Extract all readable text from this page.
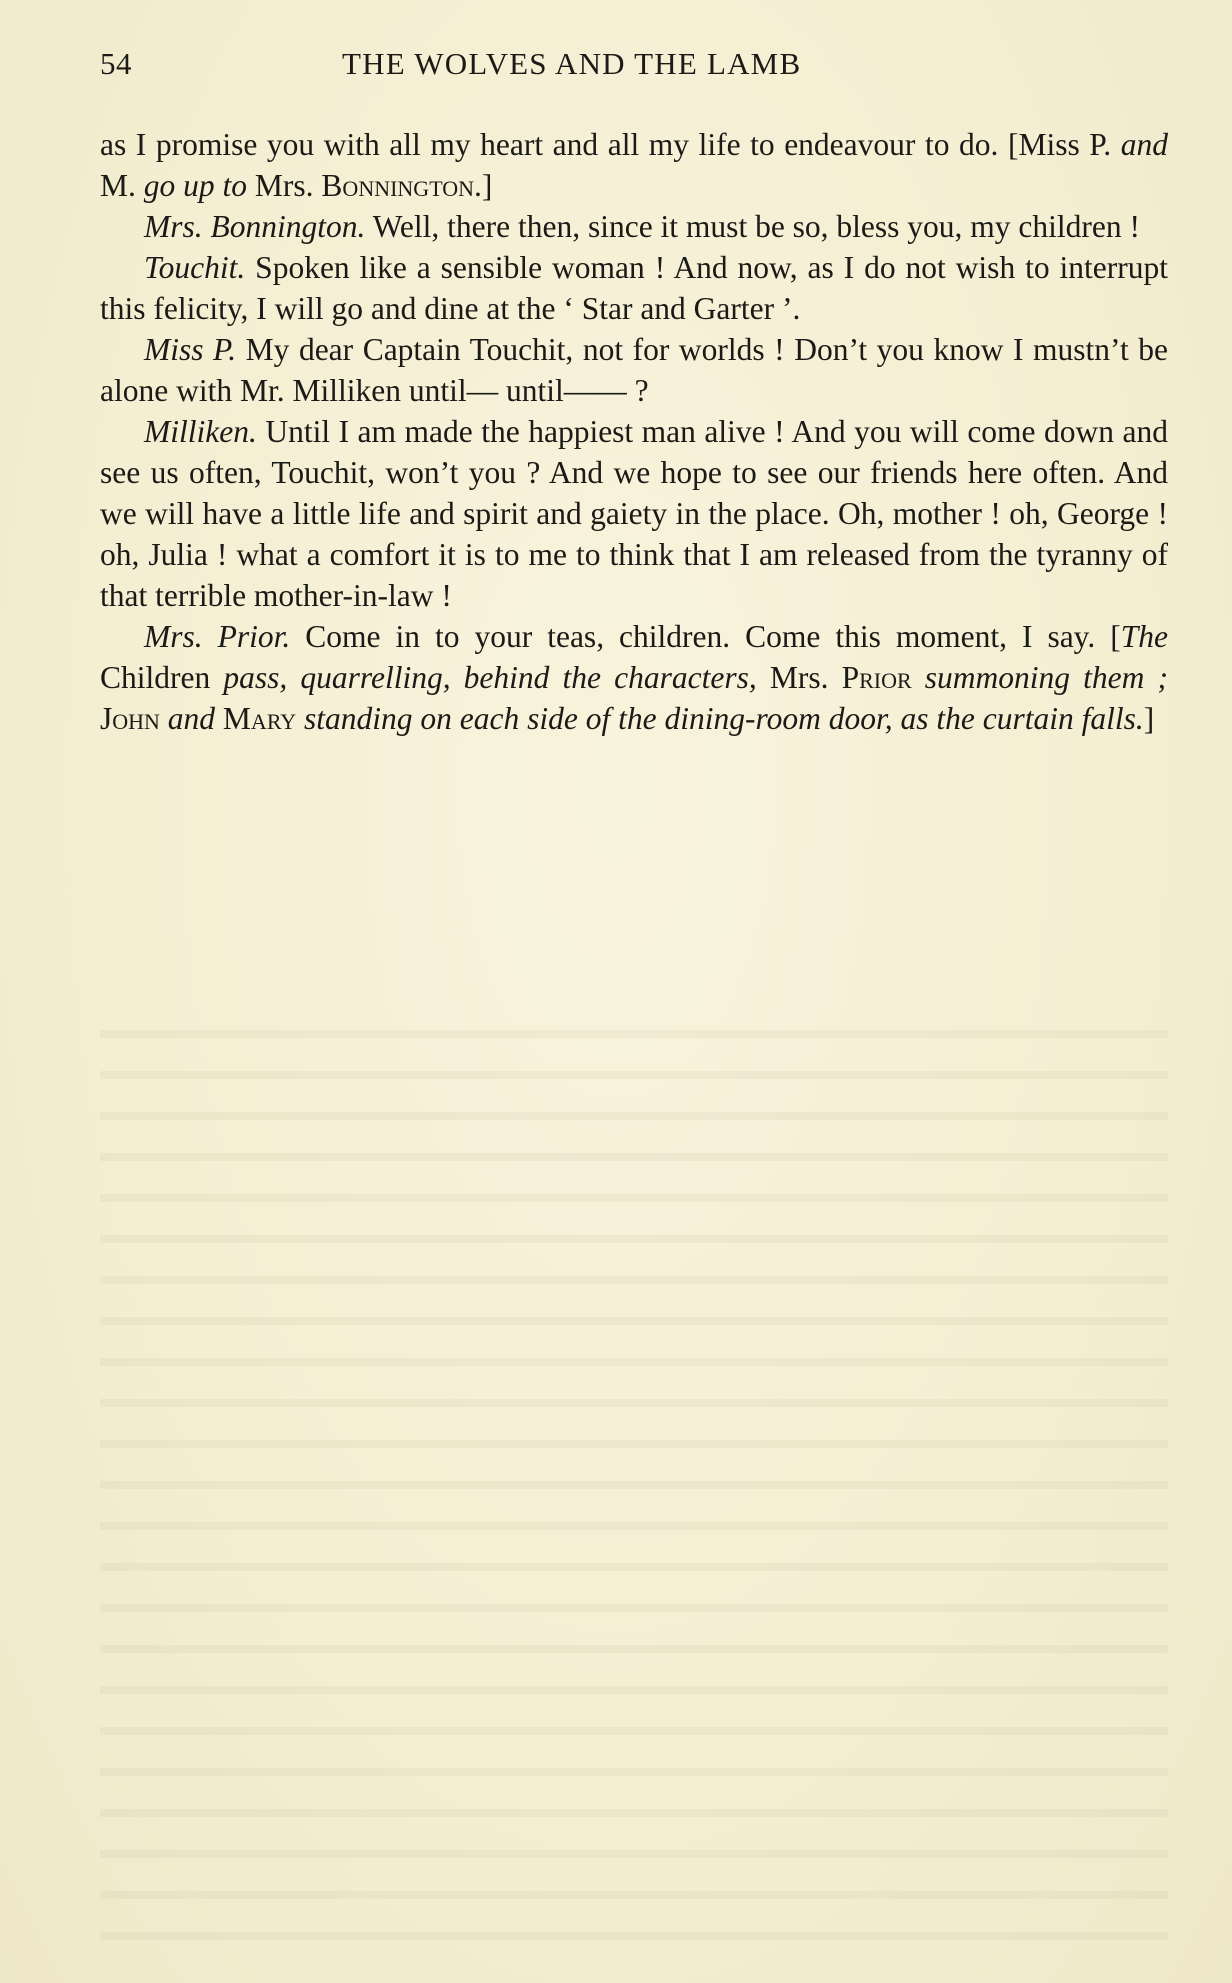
54	THE WOLVES AND THE LAMB

as I promise you with all my heart and all my life to endeavour to do. [Miss P. and M. go up to Mrs. Bonnington.]

Mrs. Bonnington. Well, there then, since it must be so, bless you, my children !

Touchit. Spoken like a sensible woman ! And now, as I do not wish to interrupt this felicity, I will go and dine at the ‘ Star and Garter ’.

Miss P. My dear Captain Touchit, not for worlds ! Don’t you know I mustn’t be alone with Mr. Milliken until— until—— ?

Milliken. Until I am made the happiest man alive ! And you will come down and see us often, Touchit, won’t you ? And we hope to see our friends here often. And we will have a little life and spirit and gaiety in the place. Oh, mother ! oh, George ! oh, Julia ! what a comfort it is to me to think that I am released from the tyranny of that terrible mother-in-law !

Mrs. Prior. Come in to your teas, children. Come this moment, I say. [The Children pass, quarrelling, behind the characters, Mrs. Prior summoning them ; John and Mary standing on each side of the dining-room door, as the curtain falls.]
